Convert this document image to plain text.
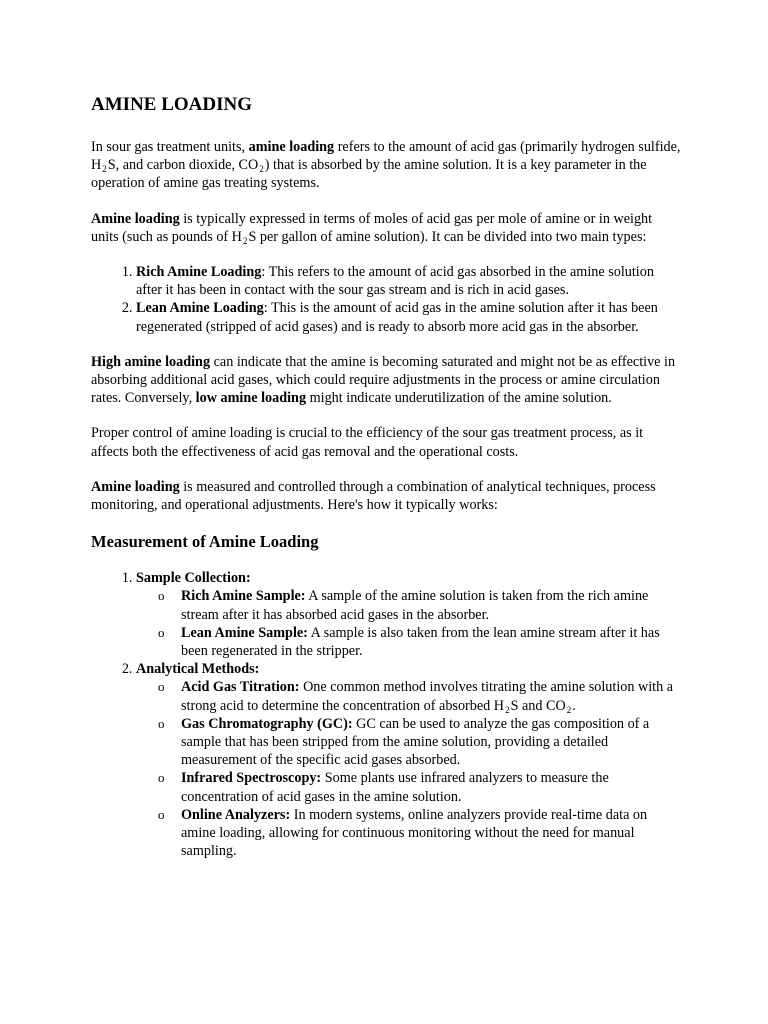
AMINE LOADING

In sour gas treatment units, amine loading refers to the amount of acid gas (primarily hydrogen sulfide, $H_2S$, and carbon dioxide, $CO_2$) that is absorbed by the amine solution. It is a key parameter in the operation of amine gas treating systems.

Amine loading is typically expressed in terms of moles of acid gas per mole of amine or in weight units (such as pounds of $H_2S$ per gallon of amine solution). It can be divided into two main types:

1. Rich Amine Loading: This refers to the amount of acid gas absorbed in the amine solution after it has been in contact with the sour gas stream and is rich in acid gases.
2. Lean Amine Loading: This is the amount of acid gas in the amine solution after it has been regenerated (stripped of acid gases) and is ready to absorb more acid gas in the absorber.

High amine loading can indicate that the amine is becoming saturated and might not be as effective in absorbing additional acid gases, which could require adjustments in the process or amine circulation rates. Conversely, low amine loading might indicate underutilization of the amine solution.

Proper control of amine loading is crucial to the efficiency of the sour gas treatment process, as it affects both the effectiveness of acid gas removal and the operational costs.

Amine loading is measured and controlled through a combination of analytical techniques, process monitoring, and operational adjustments. Here's how it typically works:

Measurement of Amine Loading
1. Sample Collection:
o Rich Amine Sample: A sample of the amine solution is taken from the rich amine stream after it has absorbed acid gases in the absorber.
o Lean Amine Sample: A sample is also taken from the lean amine stream after it has been regenerated in the stripper.
2. Analytical Methods:
o Acid Gas Titration: One common method involves titrating the amine solution with a strong acid to determine the concentration of absorbed $H_2S$ and $CO_2$.
o Gas Chromatography (GC): GC can be used to analyze the gas composition of a sample that has been stripped from the amine solution, providing a detailed measurement of the specific acid gases absorbed.
o Infrared Spectroscopy: Some plants use infrared analyzers to measure the concentration of acid gases in the amine solution.
o Online Analyzers: In modern systems, online analyzers provide real-time data on amine loading, allowing for continuous monitoring without the need for manual sampling.
